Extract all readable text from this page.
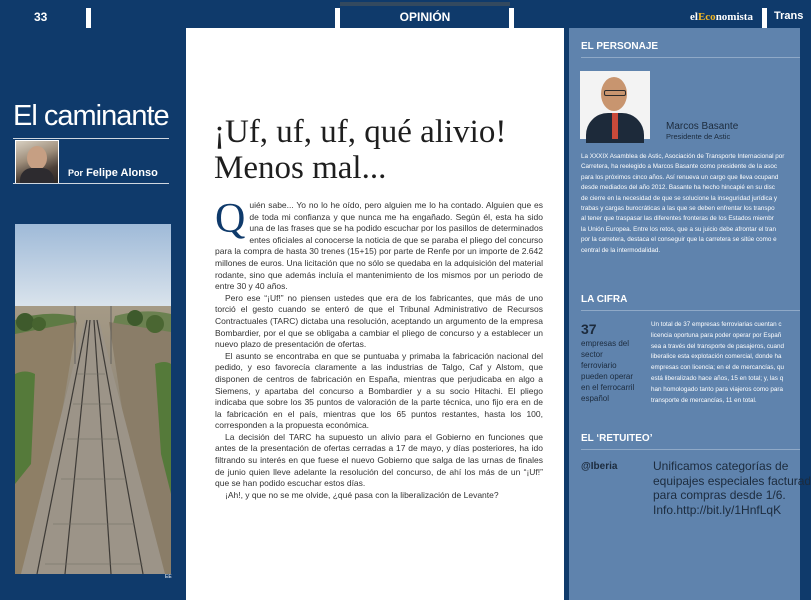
33	OPINIÓN	elEconomista Trans
El caminante
Por Felipe Alonso
EE
¡Uf, uf, uf, qué alivio!
Menos mal...

Quién sabe... Yo no lo he oído, pero alguien me lo ha contado. Alguien que es de toda mi confianza y que nunca me ha engañado. Según él, esta ha sido una de las frases que se ha podido escuchar por los pasillos de determinados entes oficiales al conocerse la noticia de que se paraba el pliego del concurso para la compra de hasta 30 trenes (15+15) por parte de Renfe por un importe de 2.642 millones de euros. Una licitación que no sólo se quedaba en la adquisición del material rodante, sino que además incluía el mantenimiento de los mismos por un periodo de entre 30 y 40 años.

Pero ese “¡Uf!” no piensen ustedes que era de los fabricantes, que más de uno torció el gesto cuando se enteró de que el Tribunal Administrativo de Recursos Contractuales (TARC) dictaba una resolución, aceptando un argumento de la empresa Bombardier, por el que se obligaba a cambiar el pliego de concurso y a establecer un nuevo plazo de presentación de ofertas.

El asunto se encontraba en que se puntuaba y primaba la fabricación nacional del pedido, y eso favorecía claramente a las industrias de Talgo, Caf y Alstom, que disponen de centros de fabricación en España, mientras que perjudicaba en algo a Siemens, y apartaba del concurso a Bombardier y a su socio Hitachi. El pliego indicaba que sobre los 35 puntos de valoración de la parte técnica, uno fijo era en de la fabricación en el país, mientras que los 65 puntos restantes, hasta los 100, corresponden a la propuesta económica.

La decisión del TARC ha supuesto un alivio para el Gobierno en funciones que antes de la presentación de ofertas cerradas a 17 de mayo, y días posteriores, ha ido filtrando su interés en que fuese el nuevo Gobierno que salga de las urnas de finales de junio quien lleve adelante la resolución del concurso, de ahí los más de un “¡Uf!” que se han podido escuchar estos días.

¡Ah!, y que no se me olvide, ¿qué pasa con la liberalización de Levante?

EL PERSONAJE
Marcos Basante
Presidente de Astic
La XXXIX Asamblea de Astic, Asociación de Transporte Internacional por
Carretera, ha reelegido a Marcos Basante como presidente de la asoc
para los próximos cinco años. Así renueva un cargo que lleva ocupand
desde mediados del año 2012. Basante ha hecho hincapié en su disc
de cierre en la necesidad de que se solucione la inseguridad jurídica y
trabas y cargas burocráticas a las que se deben enfrentar los transpo
al tener que traspasar las diferentes fronteras de los Estados miembr
la Unión Europea. Entre los retos, que a su juicio debe afrontar el tran
por la carretera, destaca el conseguir que la carretera se sitúe como e
central de la intermodalidad.
LA CIFRA
37
empresas del sector ferroviario pueden operar en el ferrocarril español
Un total de 37 empresas ferroviarias cuentan c
licencia oportuna para poder operar por Españ
sea a través del transporte de pasajeros, cuand
liberalice esta explotación comercial, donde ha
empresas con licencia; en el de mercancías, qu
está liberalizado hace años, 15 en total; y, las q
han homologado tanto para viajeros como para
transporte de mercancías, 11 en total.
EL ‘RETUITEO’
@Iberia	Unificamos categorías de
equipajes especiales facturad
para compras desde 1/6.
Info.http://bit.ly/1HnfLqK
